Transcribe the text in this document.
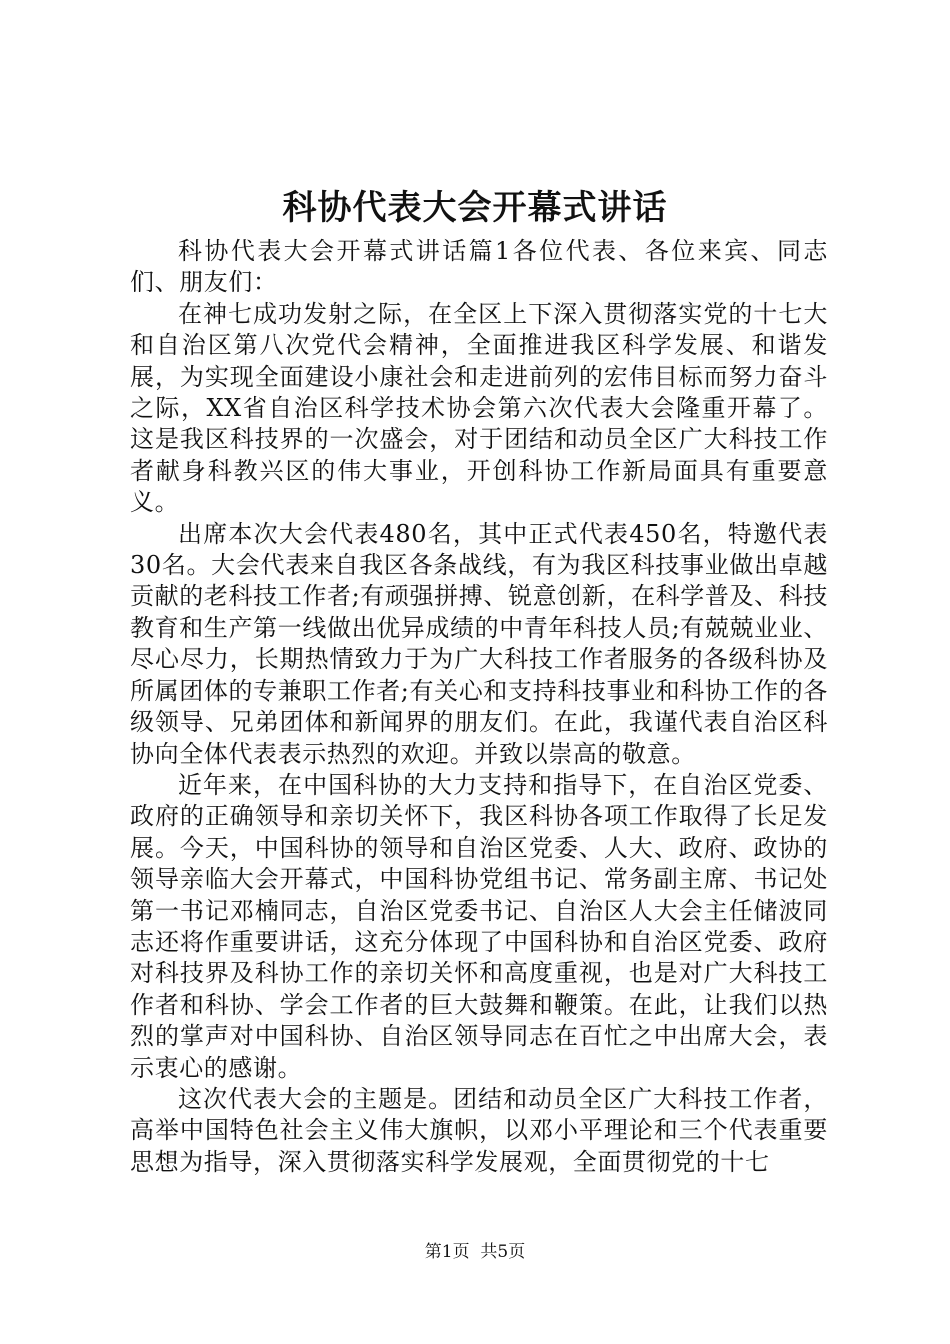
科协代表大会开幕式讲话

科协代表大会开幕式讲话篇1各位代表、各位来宾、同志们、朋友们：

在神七成功发射之际，在全区上下深入贯彻落实党的十七大和自治区第八次党代会精神，全面推进我区科学发展、和谐发展，为实现全面建设小康社会和走进前列的宏伟目标而努力奋斗之际，XX省自治区科学技术协会第六次代表大会隆重开幕了。这是我区科技界的一次盛会，对于团结和动员全区广大科技工作者献身科教兴区的伟大事业，开创科协工作新局面具有重要意义。

出席本次大会代表480名，其中正式代表450名，特邀代表30名。大会代表来自我区各条战线，有为我区科技事业做出卓越贡献的老科技工作者;有顽强拼搏、锐意创新，在科学普及、科技教育和生产第一线做出优异成绩的中青年科技人员;有兢兢业业、尽心尽力，长期热情致力于为广大科技工作者服务的各级科协及所属团体的专兼职工作者;有关心和支持科技事业和科协工作的各级领导、兄弟团体和新闻界的朋友们。在此，我谨代表自治区科协向全体代表表示热烈的欢迎。并致以崇高的敬意。

近年来，在中国科协的大力支持和指导下，在自治区党委、政府的正确领导和亲切关怀下，我区科协各项工作取得了长足发展。今天，中国科协的领导和自治区党委、人大、政府、政协的领导亲临大会开幕式，中国科协党组书记、常务副主席、书记处第一书记邓楠同志，自治区党委书记、自治区人大会主任储波同志还将作重要讲话，这充分体现了中国科协和自治区党委、政府对科技界及科协工作的亲切关怀和高度重视，也是对广大科技工作者和科协、学会工作者的巨大鼓舞和鞭策。在此，让我们以热烈的掌声对中国科协、自治区领导同志在百忙之中出席大会，表示衷心的感谢。

这次代表大会的主题是。团结和动员全区广大科技工作者，高举中国特色社会主义伟大旗帜，以邓小平理论和三个代表重要思想为指导，深入贯彻落实科学发展观，全面贯彻党的十七

第1页 共5页
